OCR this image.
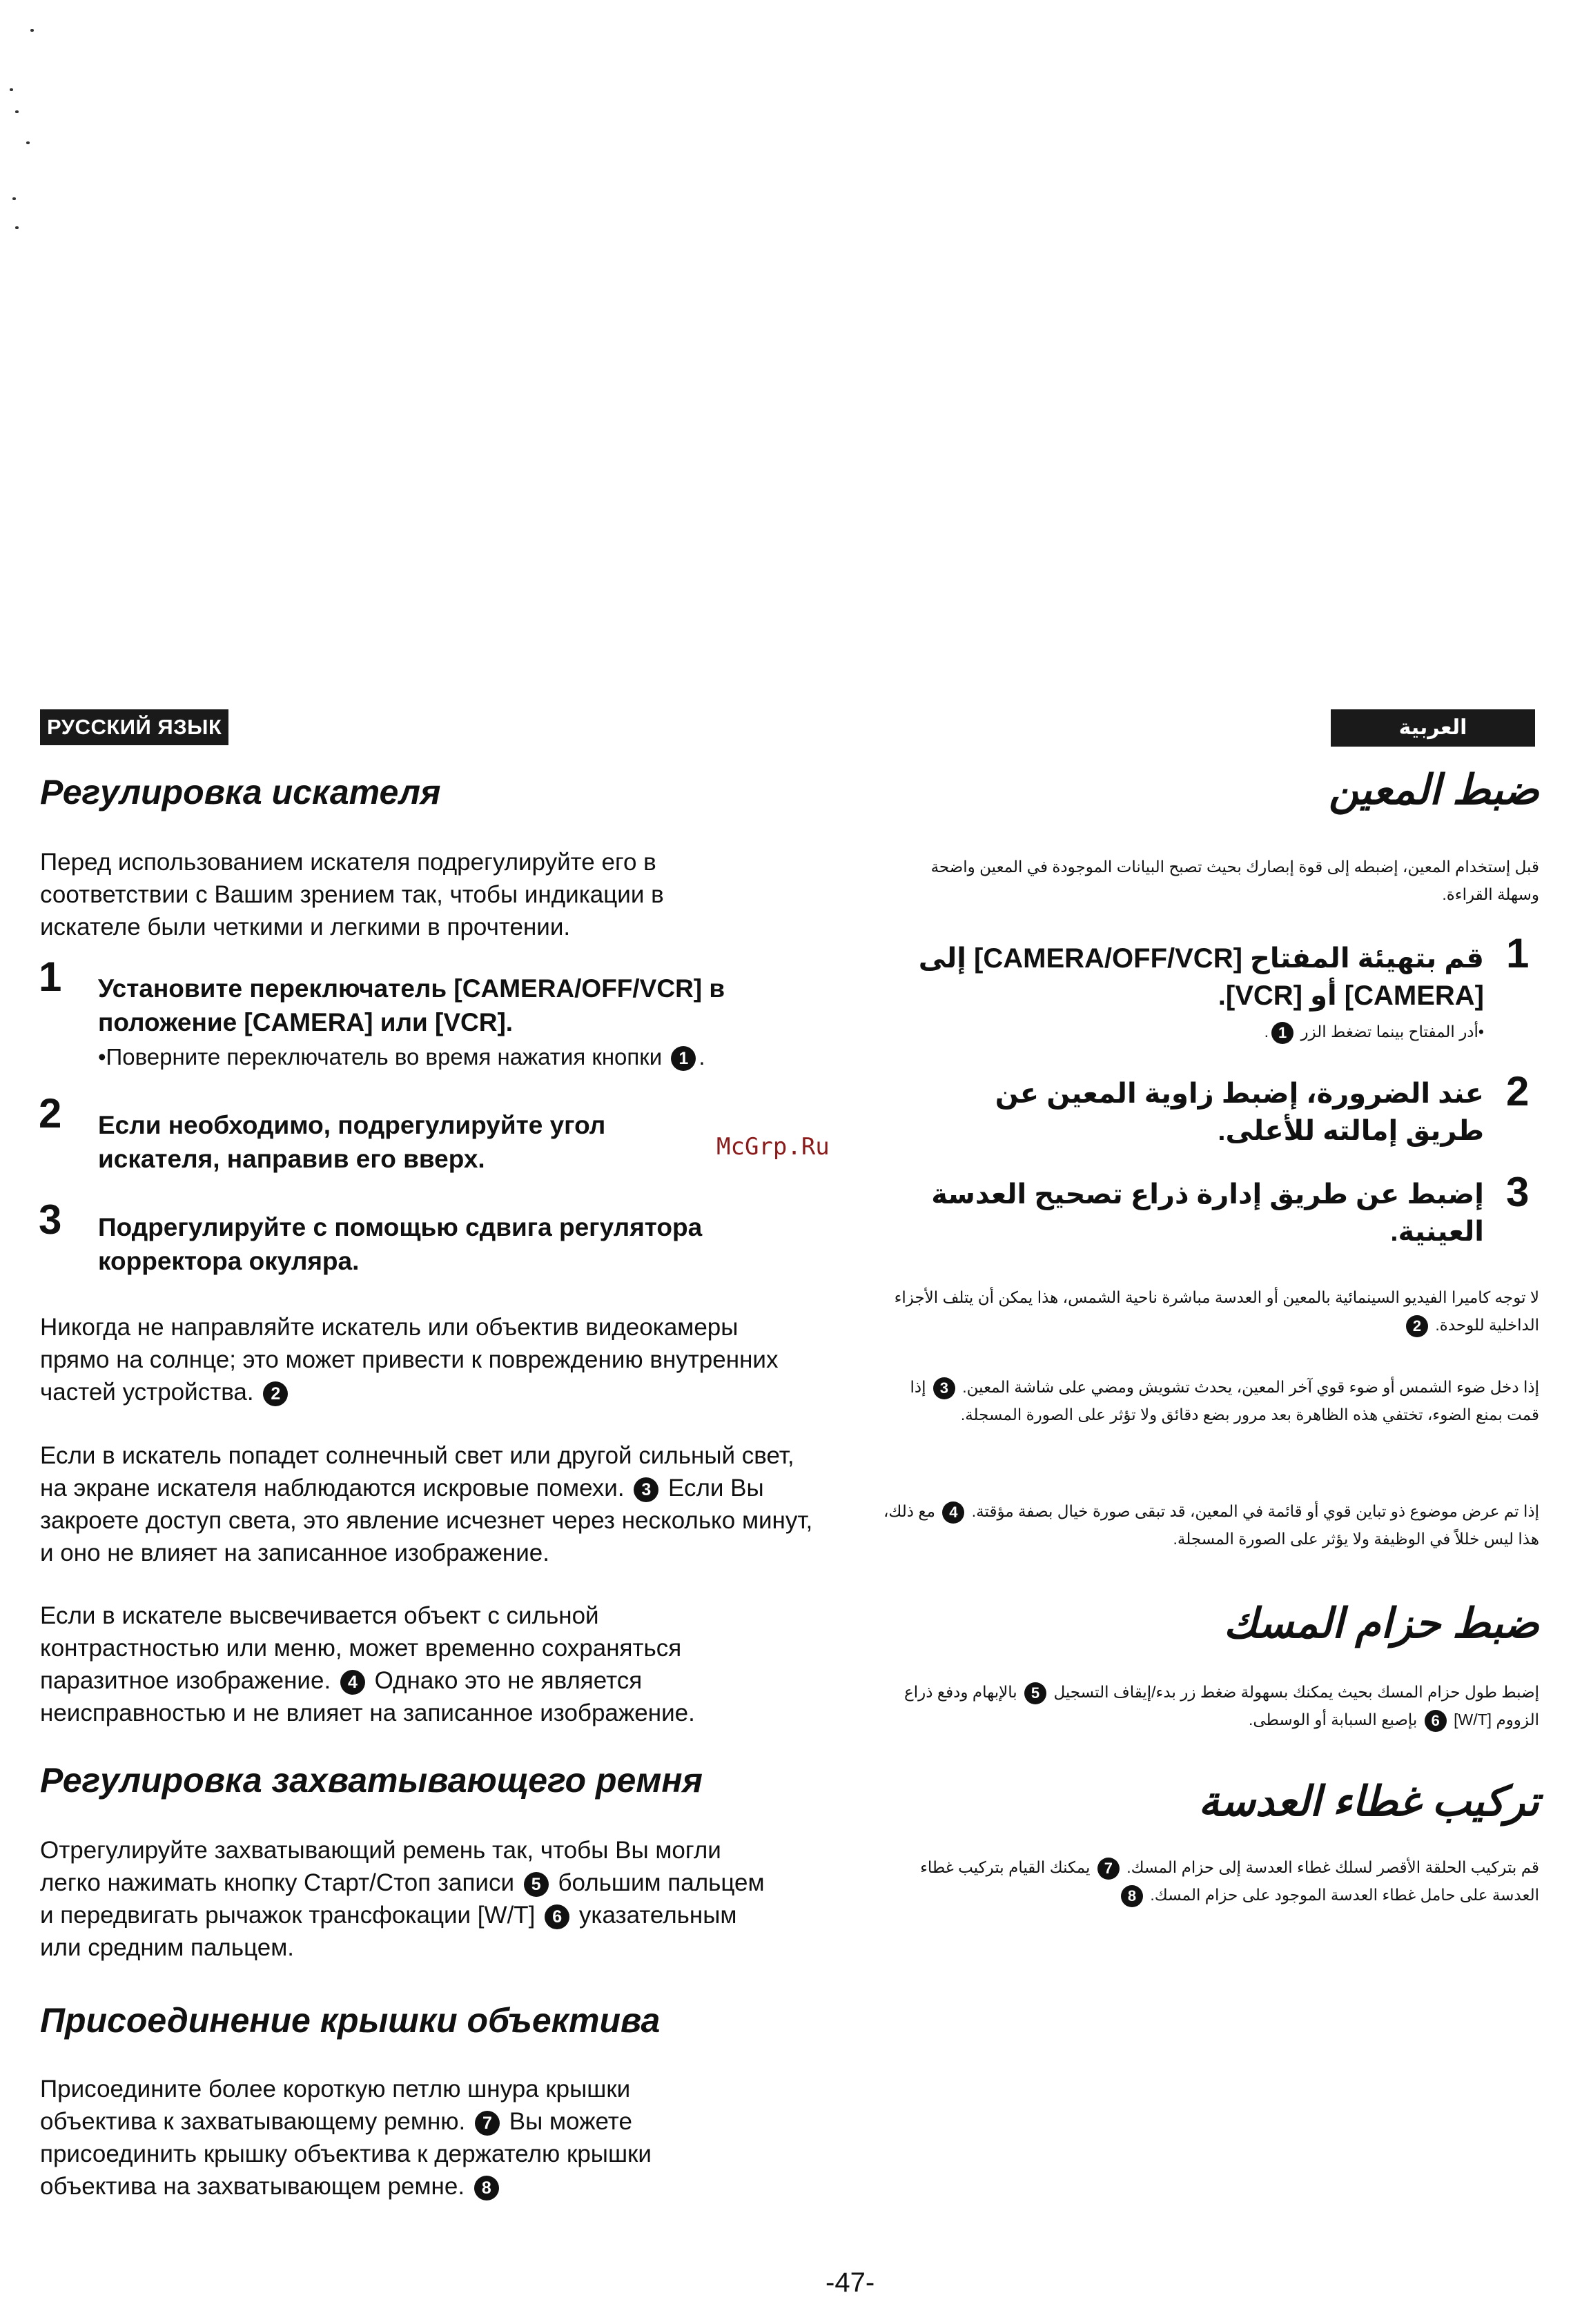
РУССКИЙ ЯЗЫК
Регулировка искателя

Перед использованием искателя подрегулируйте его в соответствии с Вашим зрением так, чтобы индикации в искателе были четкими и легкими в прочтении.

1 Установите переключатель [CAMERA/OFF/VCR] в положение [CAMERA] или [VCR].

•Поверните переключатель во время нажатия кнопки 1 .
2 Если необходимо, подрегулируйте угол искателя, направив его вверх.

3 Подрегулируйте с помощью сдвига регулятора корректора окуляра.

Никогда не направляйте искатель или объектив видеокамеры прямо на солнце; это может привести к повреждению внутренних частей устройства. 2

Если в искатель попадет солнечный свет или другой сильный свет, на экране искателя наблюдаются искровые помехи. 3 Если Вы закроете доступ света, это явление исчезнет через несколько минут, и оно не влияет на записанное изображение.

Если в искателе высвечивается объект с сильной контрастностью или меню, может временно сохраняться паразитное изображение. 4 Однако это не является неисправностью и не влияет на записанное изображение.

Регулировка захватывающего ремня

Отрегулируйте захватывающий ремень так, чтобы Вы могли легко нажимать кнопку Старт/Стоп записи 5 большим пальцем и передвигать рычажок трансфокации [W/T] 6 указательным или средним пальцем.

Присоединение крышки объектива

Присоедините более короткую петлю шнура крышки объектива к захватывающему ремню. 7 Вы можете присоединить крышку объектива к держателю крышки объектива на захватывающем ремне. 8

McGrp.Ru
العربية
ضبط المعين

قبل إستخدام المعين، إضبطه إلى قوة إبصارك بحيث تصبح البيانات الموجودة في المعين واضحة وسهلة القراءة.

1

قم بتهيئة المفتاح [CAMERA/OFF/VCR] إلى [CAMERA] أو [VCR].

•أدر المفتاح بينما تضغط الزر 1.
2

عند الضرورة، إضبط زاوية المعين عن طريق إمالته للأعلى.

3

إضبط عن طريق إدارة ذراع تصحيح العدسة العينية.

لا توجه كاميرا الفيديو السينمائية بالمعين أو العدسة مباشرة ناحية الشمس، هذا يمكن أن يتلف الأجزاء الداخلية للوحدة. 2

إذا دخل ضوء الشمس أو ضوء قوي آخر المعين، يحدث تشويش ومضي على شاشة المعين. 3 إذا قمت بمنع الضوء، تختفي هذه الظاهرة بعد مرور بضع دقائق ولا تؤثر على الصورة المسجلة.

إذا تم عرض موضوع ذو تباين قوي أو قائمة في المعين، قد تبقى صورة خيال بصفة مؤقتة. 4 مع ذلك، هذا ليس خللاً في الوظيفة ولا يؤثر على الصورة المسجلة.

ضبط حزام المسك

إضبط طول حزام المسك بحيث يمكنك بسهولة ضغط زر بدء/إيقاف التسجيل 5 بالإبهام ودفع ذراع الزووم [W/T] 6 بإصبع السبابة أو الوسطى.

تركيب غطاء العدسة

قم بتركيب الحلقة الأقصر لسلك غطاء العدسة إلى حزام المسك. 7 يمكنك القيام بتركيب غطاء العدسة على حامل غطاء العدسة الموجود على حزام المسك. 8

-47-
